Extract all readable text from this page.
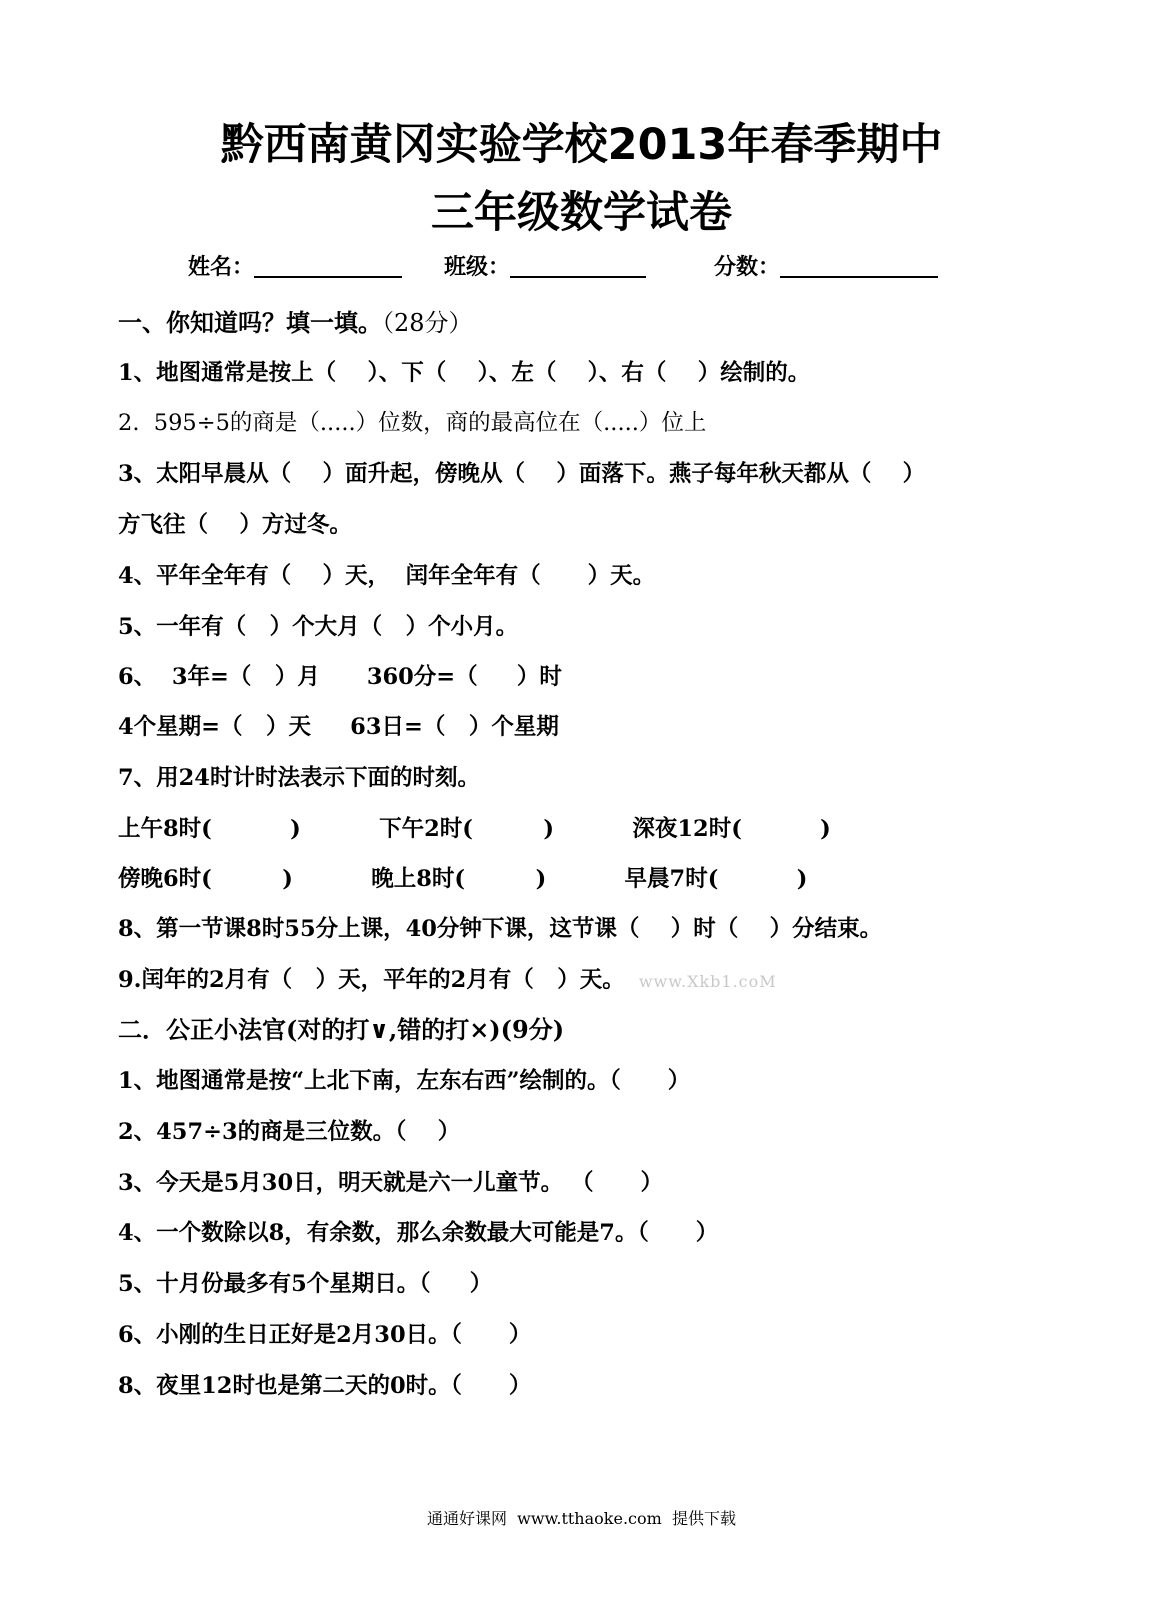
黔西南黄冈实验学校2013年春季期中
三年级数学试卷
姓名：	班级：	分数：
一、你知道吗？填一填。（28分）
1、地图通常是按上（    ）、下（    ）、左（    ）、右（    ）绘制的。
2.  595÷5的商是（.....）位数，商的最高位在（.....）位上
3、太阳早晨从（    ）面升起，傍晚从（    ）面落下。燕子每年秋天都从（    ）
方飞往（    ）方过冬。
4、平年全年有（    ）天，  闰年全年有（      ）天。
5、一年有（   ）个大月（   ）个小月。
6、  3年=（   ）月      360分=（     ）时
4个星期=（   ）天     63日=（   ）个星期
7、用24时计时法表示下面的时刻。
上午8时(          )          下午2时(         )          深夜12时(          )
傍晚6时(         )          晚上8时(         )          早晨7时(          )
8、第一节课8时55分上课，40分钟下课，这节课（    ）时（    ）分结束。
9.闰年的2月有（   ）天，平年的2月有（   ）天。 www.Xkb1.coM
二．公正小法官(对的打∨,错的打×)(9分)
1、地图通常是按“上北下南，左东右西”绘制的。（      ）
2、457÷3的商是三位数。（    ）
3、今天是5月30日，明天就是六一儿童节。 （      ）
4、一个数除以8，有余数，那么余数最大可能是7。（      ）
5、十月份最多有5个星期日。（     ）
6、小刚的生日正好是2月30日。（      ）
8、夜里12时也是第二天的0时。（      ）
通通好课网  www.tthaoke.com  提供下载
